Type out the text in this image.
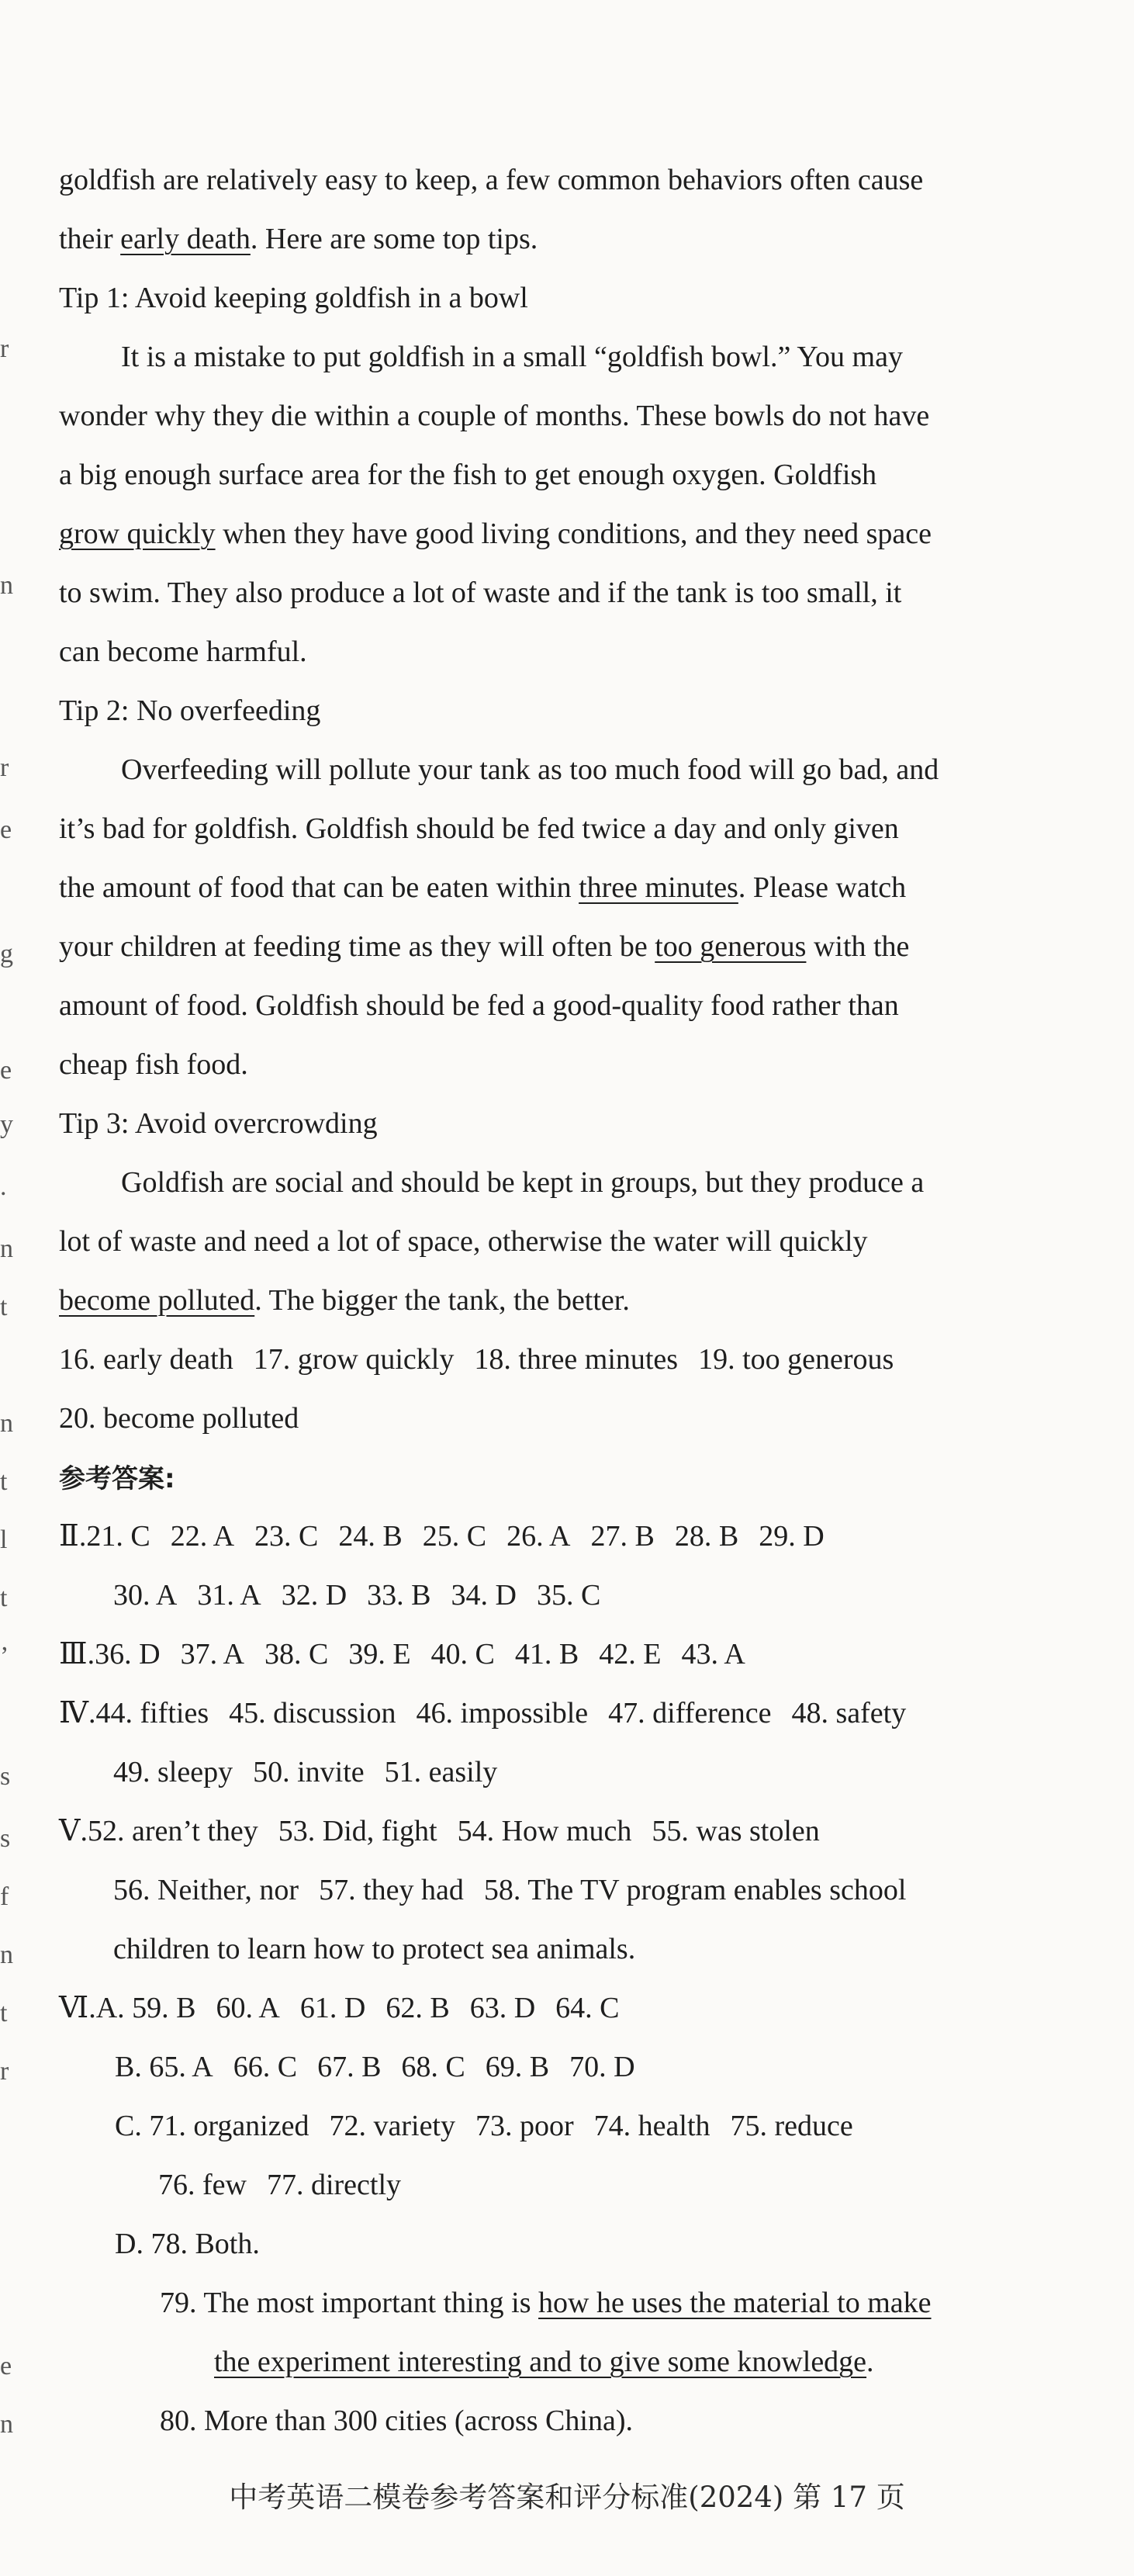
r
n
r
e
g
e
y
.
n
t
n
t
l
t
’
s
s
f
n
t
r
e
n

goldfish are relatively easy to keep, a few common behaviors often cause

their early death. Here are some top tips.

Tip 1: Avoid keeping goldfish in a bowl

It is a mistake to put goldfish in a small “goldfish bowl.” You may

wonder why they die within a couple of months. These bowls do not have

a big enough surface area for the fish to get enough oxygen. Goldfish

grow quickly when they have good living conditions, and they need space

to swim. They also produce a lot of waste and if the tank is too small, it

can become harmful.

Tip 2: No overfeeding

Overfeeding will pollute your tank as too much food will go bad, and

it’s bad for goldfish. Goldfish should be fed twice a day and only given

the amount of food that can be eaten within three minutes. Please watch

your children at feeding time as they will often be too generous with the

amount of food. Goldfish should be fed a good-quality food rather than

cheap fish food.

Tip 3: Avoid overcrowding

Goldfish are social and should be kept in groups, but they produce a

lot of waste and need a lot of space, otherwise the water will quickly

become polluted. The bigger the tank, the better.

16. early death 17. grow quickly 18. three minutes 19. too generous

20. become polluted

参考答案:

Ⅱ.21. C 22. A 23. C 24. B 25. C 26. A 27. B 28. B 29. D

30. A 31. A 32. D 33. B 34. D 35. C

Ⅲ.36. D 37. A 38. C 39. E 40. C 41. B 42. E 43. A

Ⅳ.44. fifties 45. discussion 46. impossible 47. difference 48. safety

49. sleepy 50. invite 51. easily

Ⅴ.52. aren’t they 53. Did, fight 54. How much 55. was stolen

56. Neither, nor 57. they had 58. The TV program enables school

children to learn how to protect sea animals.

Ⅵ.A. 59. B 60. A 61. D 62. B 63. D 64. C

B. 65. A 66. C 67. B 68. C 69. B 70. D

C. 71. organized 72. variety 73. poor 74. health 75. reduce

76. few 77. directly

D. 78. Both.

79. The most important thing is how he uses the material to make

the experiment interesting and to give some knowledge.

80. More than 300 cities (across China).

中考英语二模卷参考答案和评分标准(2024) 第 17 页
